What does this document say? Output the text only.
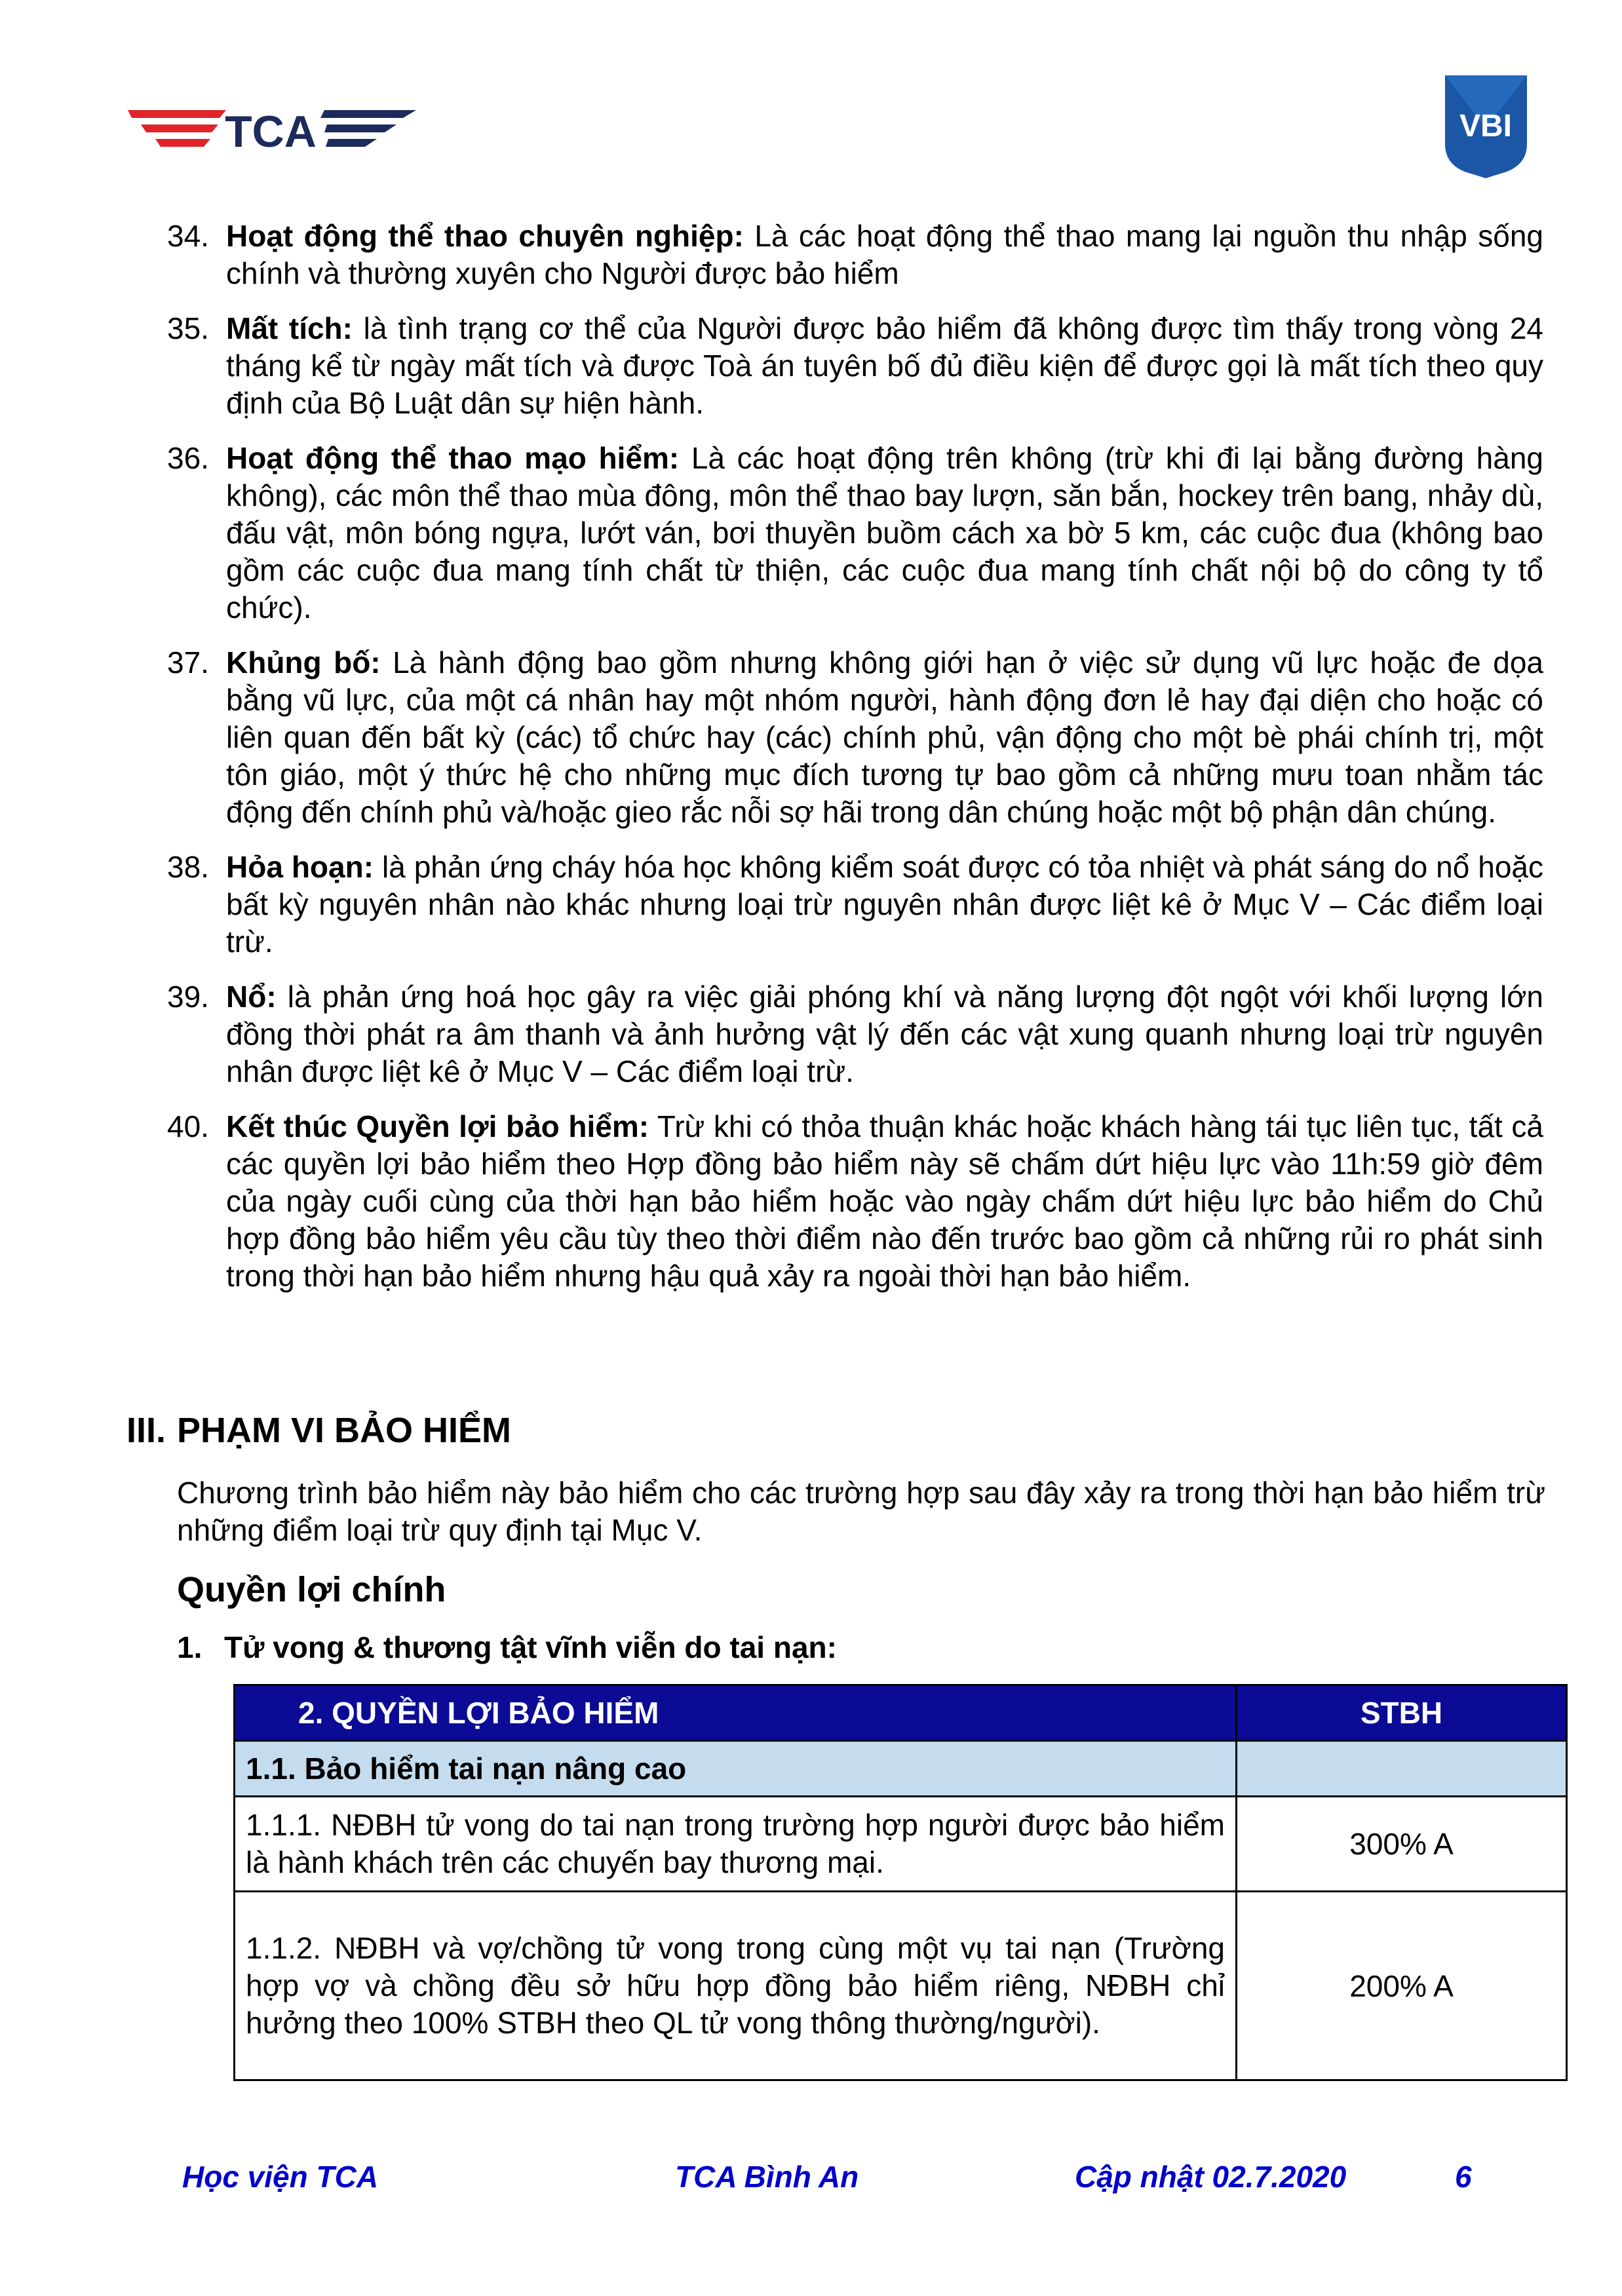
TCA	VBI
34. Hoạt động thể thao chuyên nghiệp: Là các hoạt động thể thao mang lại nguồn thu nhập sống chính và thường xuyên cho Người được bảo hiểm
35. Mất tích: là tình trạng cơ thể của Người được bảo hiểm đã không được tìm thấy trong vòng 24 tháng kể từ ngày mất tích và được Toà án tuyên bố đủ điều kiện để được gọi là mất tích theo quy định của Bộ Luật dân sự hiện hành.
36. Hoạt động thể thao mạo hiểm: Là các hoạt động trên không (trừ khi đi lại bằng đường hàng không), các môn thể thao mùa đông, môn thể thao bay lượn, săn bắn, hockey trên bang, nhảy dù, đấu vật, môn bóng ngựa, lướt ván, bơi thuyền buồm cách xa bờ 5 km, các cuộc đua (không bao gồm các cuộc đua mang tính chất từ thiện, các cuộc đua mang tính chất nội bộ do công ty tổ chức).
37. Khủng bố: Là hành động bao gồm nhưng không giới hạn ở việc sử dụng vũ lực hoặc đe dọa bằng vũ lực, của một cá nhân hay một nhóm người, hành động đơn lẻ hay đại diện cho hoặc có liên quan đến bất kỳ (các) tổ chức hay (các) chính phủ, vận động cho một bè phái chính trị, một tôn giáo, một ý thức hệ cho những mục đích tương tự bao gồm cả những mưu toan nhằm tác động đến chính phủ và/hoặc gieo rắc nỗi sợ hãi trong dân chúng hoặc một bộ phận dân chúng.
38. Hỏa hoạn: là phản ứng cháy hóa học không kiểm soát được có tỏa nhiệt và phát sáng do nổ hoặc bất kỳ nguyên nhân nào khác nhưng loại trừ nguyên nhân được liệt kê ở Mục V – Các điểm loại trừ.
39. Nổ: là phản ứng hoá học gây ra việc giải phóng khí và năng lượng đột ngột với khối lượng lớn đồng thời phát ra âm thanh và ảnh hưởng vật lý đến các vật xung quanh nhưng loại trừ nguyên nhân được liệt kê ở Mục V – Các điểm loại trừ.
40. Kết thúc Quyền lợi bảo hiểm: Trừ khi có thỏa thuận khác hoặc khách hàng tái tục liên tục, tất cả các quyền lợi bảo hiểm theo Hợp đồng bảo hiểm này sẽ chấm dứt hiệu lực vào 11h:59 giờ đêm của ngày cuối cùng của thời hạn bảo hiểm hoặc vào ngày chấm dứt hiệu lực bảo hiểm do Chủ hợp đồng bảo hiểm yêu cầu tùy theo thời điểm nào đến trước bao gồm cả những rủi ro phát sinh trong thời hạn bảo hiểm nhưng hậu quả xảy ra ngoài thời hạn bảo hiểm.
III. PHẠM VI BẢO HIỂM
Chương trình bảo hiểm này bảo hiểm cho các trường hợp sau đây xảy ra trong thời hạn bảo hiểm trừ những điểm loại trừ quy định tại Mục V.
Quyền lợi chính
1. Tử vong & thương tật vĩnh viễn do tai nạn:
2. QUYỀN LỢI BẢO HIỂM	STBH
1.1. Bảo hiểm tai nạn nâng cao	
1.1.1. NĐBH tử vong do tai nạn trong trường hợp người được bảo hiểm là hành khách trên các chuyến bay thương mại.	300% A
1.1.2. NĐBH và vợ/chồng tử vong trong cùng một vụ tai nạn (Trường hợp vợ và chồng đều sở hữu hợp đồng bảo hiểm riêng, NĐBH chỉ hưởng theo 100% STBH theo QL tử vong thông thường/người).	200% A
Học viện TCA	TCA Bình An	Cập nhật 02.7.2020	6
